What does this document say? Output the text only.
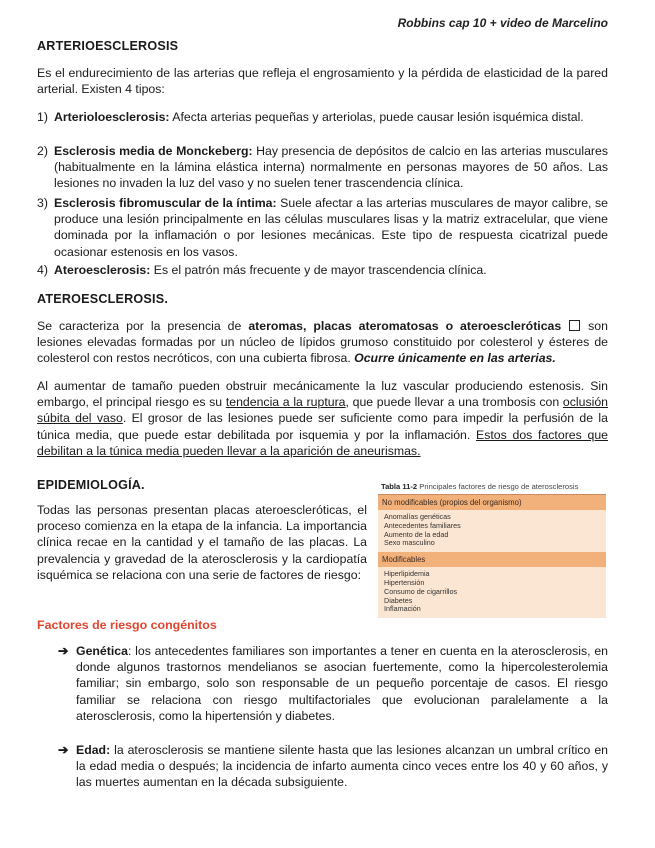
Robbins cap 10 + video de Marcelino
ARTERIOESCLEROSIS
Es el endurecimiento de las arterias que refleja el engrosamiento y la pérdida de elasticidad de la pared arterial. Existen 4 tipos:
1) Arterioloesclerosis: Afecta arterias pequeñas y arteriolas, puede causar lesión isquémica distal.
2) Esclerosis media de Monckeberg: Hay presencia de depósitos de calcio en las arterias musculares (habitualmente en la lámina elástica interna) normalmente en personas mayores de 50 años. Las lesiones no invaden la luz del vaso y no suelen tener trascendencia clínica.
3) Esclerosis fibromuscular de la íntima: Suele afectar a las arterias musculares de mayor calibre, se produce una lesión principalmente en las células musculares lisas y la matriz extracelular, que viene dominada por la inflamación o por lesiones mecánicas. Este tipo de respuesta cicatrizal puede ocasionar estenosis en los vasos.
4) Ateroesclerosis: Es el patrón más frecuente y de mayor trascendencia clínica.
ATEROESCLEROSIS.
Se caracteriza por la presencia de ateromas, placas ateromatosas o ateroescleróticas  son lesiones elevadas formadas por un núcleo de lípidos grumoso constituido por colesterol y ésteres de colesterol con restos necróticos, con una cubierta fibrosa. Ocurre únicamente en las arterias.
Al aumentar de tamaño pueden obstruir mecánicamente la luz vascular produciendo estenosis. Sin embargo, el principal riesgo es su tendencia a la ruptura, que puede llevar a una trombosis con oclusión súbita del vaso. El grosor de las lesiones puede ser suficiente como para impedir la perfusión de la túnica media, que puede estar debilitada por isquemia y por la inflamación. Estos dos factores que debilitan a la túnica media pueden llevar a la aparición de aneurismas.
EPIDEMIOLOGÍA.
Todas las personas presentan placas ateroescleróticas, el proceso comienza en la etapa de la infancia. La importancia clínica recae en la cantidad y el tamaño de las placas. La prevalencia y gravedad de la aterosclerosis y la cardiopatía isquémica se relaciona con una serie de factores de riesgo:
Tabla 11-2 Principales factores de riesgo de aterosclerosis
No modificables (propios del organismo)
Anomalías genéticas
Antecedentes familiares
Aumento de la edad
Sexo masculino
Modificables
Hiperlipidemia
Hipertensión
Consumo de cigarrillos
Diabetes
Inflamación
Factores de riesgo congénitos
➔ Genética: los antecedentes familiares son importantes a tener en cuenta en la aterosclerosis, en donde algunos trastornos mendelianos se asocian fuertemente, como la hipercolesterolemia familiar; sin embargo, solo son responsable de un pequeño porcentaje de casos. El riesgo familiar se relaciona con riesgo multifactoriales que evolucionan paralelamente a la aterosclerosis, como la hipertensión y diabetes.
➔ Edad: la aterosclerosis se mantiene silente hasta que las lesiones alcanzan un umbral crítico en la edad media o después; la incidencia de infarto aumenta cinco veces entre los 40 y 60 años, y las muertes aumentan en la década subsiguiente.
